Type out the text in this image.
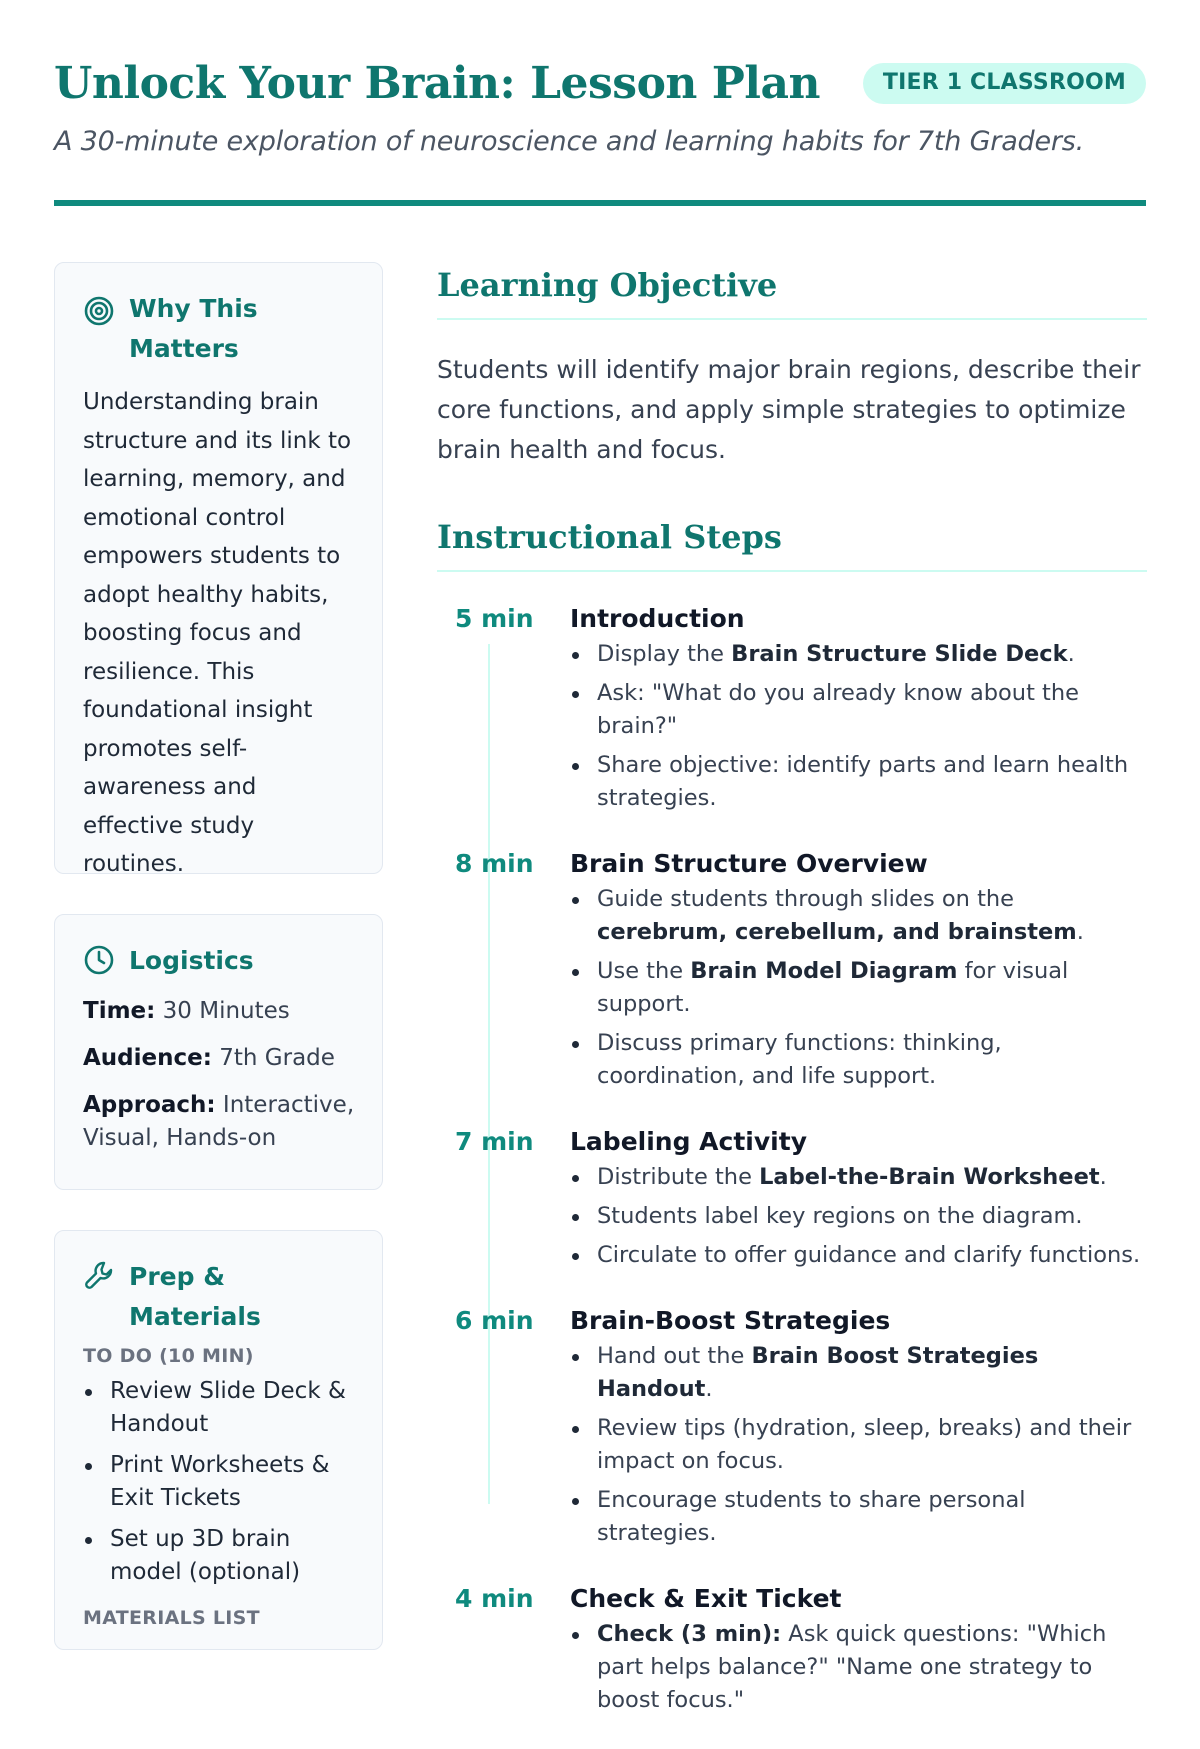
Unlock Your Brain: Lesson Plan	TIER 1 CLASSROOM

A 30-minute exploration of neuroscience and learning habits for 7th Graders.

Why This Matters

Understanding brain structure and its link to learning, memory, and emotional control empowers students to adopt healthy habits, boosting focus and resilience. This foundational insight promotes self-awareness and effective study routines.

Logistics
Time: 30 Minutes
Audience: 7th Grade
Approach: Interactive, Visual, Hands-on
Prep & Materials
TO DO (10 MIN)
Review Slide Deck & Handout
Print Worksheets & Exit Tickets
Set up 3D brain model (optional)
MATERIALS LIST
Learning Objective

Students will identify major brain regions, describe their core functions, and apply simple strategies to optimize brain health and focus.

Instructional Steps
5 min	Introduction
Display the Brain Structure Slide Deck.
Ask: "What do you already know about the brain?"
Share objective: identify parts and learn health strategies.
8 min	Brain Structure Overview
Guide students through slides on the cerebrum, cerebellum, and brainstem.
Use the Brain Model Diagram for visual support.
Discuss primary functions: thinking, coordination, and life support.
7 min	Labeling Activity
Distribute the Label-the-Brain Worksheet.
Students label key regions on the diagram.
Circulate to offer guidance and clarify functions.
6 min	Brain-Boost Strategies
Hand out the Brain Boost Strategies Handout.
Review tips (hydration, sleep, breaks) and their impact on focus.
Encourage students to share personal strategies.
4 min	Check & Exit Ticket
Check (3 min): Ask quick questions: "Which part helps balance?" "Name one strategy to boost focus."
